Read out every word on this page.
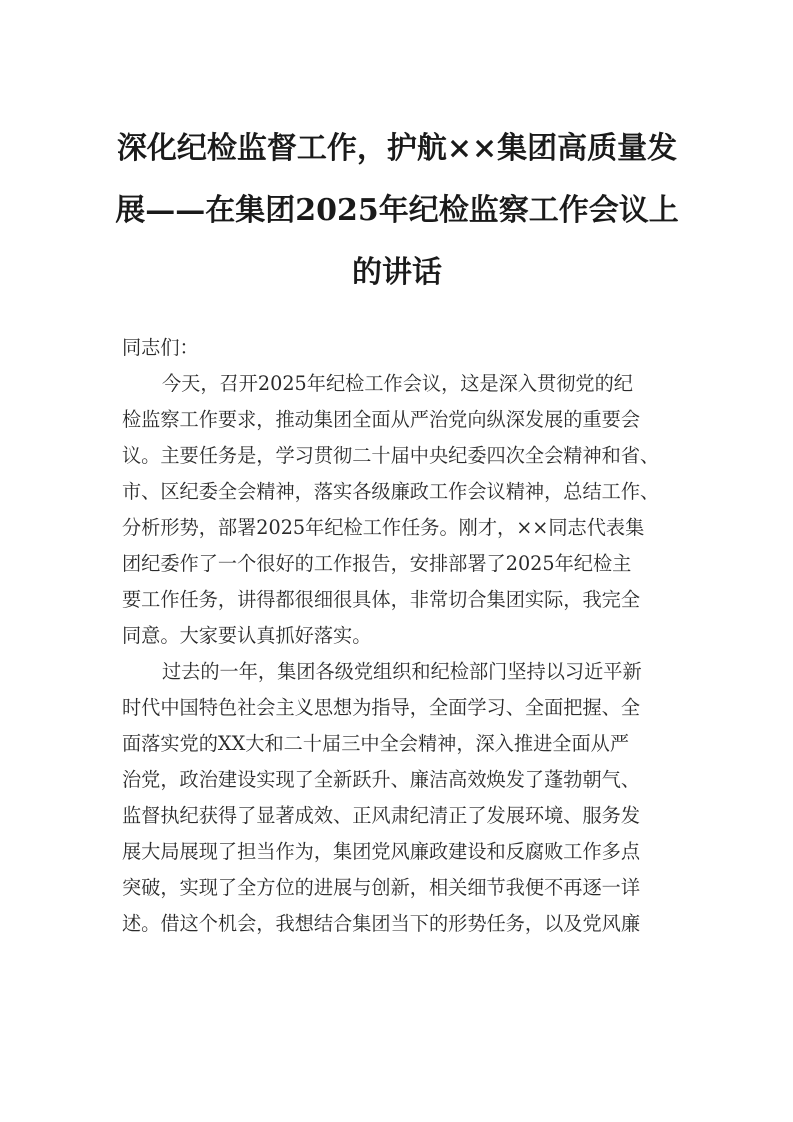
深化纪检监督工作，护航××集团高质量发
展——在集团2025年纪检监察工作会议上
的讲话
同志们：
今天，召开2025年纪检工作会议，这是深入贯彻党的纪
检监察工作要求，推动集团全面从严治党向纵深发展的重要会
议。主要任务是，学习贯彻二十届中央纪委四次全会精神和省、
市、区纪委全会精神，落实各级廉政工作会议精神，总结工作、
分析形势，部署2025年纪检工作任务。刚才，××同志代表集
团纪委作了一个很好的工作报告，安排部署了2025年纪检主
要工作任务，讲得都很细很具体，非常切合集团实际，我完全
同意。大家要认真抓好落实。
过去的一年，集团各级党组织和纪检部门坚持以习近平新
时代中国特色社会主义思想为指导，全面学习、全面把握、全
面落实党的XX大和二十届三中全会精神，深入推进全面从严
治党，政治建设实现了全新跃升、廉洁高效焕发了蓬勃朝气、
监督执纪获得了显著成效、正风肃纪清正了发展环境、服务发
展大局展现了担当作为，集团党风廉政建设和反腐败工作多点
突破，实现了全方位的进展与创新，相关细节我便不再逐一详
述。借这个机会，我想结合集团当下的形势任务，以及党风廉
